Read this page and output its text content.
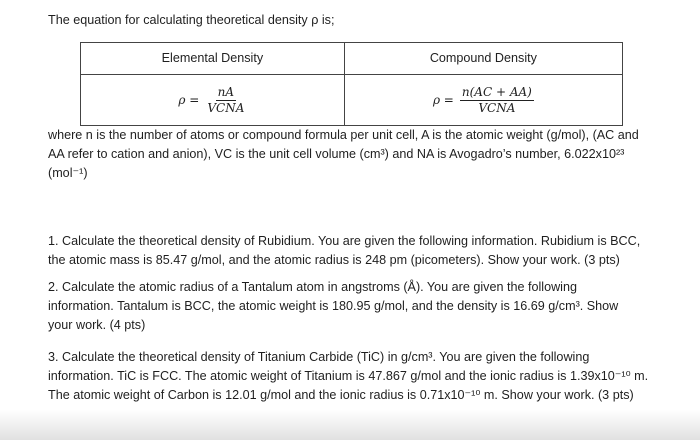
The equation for calculating theoretical density ρ is;

Elemental Density	Compound Density

$\rho = \frac{nA}{\text{VCNA}}$	$\rho = \frac{n(AC + AA)}{\text{VCNA}}$
where n is the number of atoms or compound formula per unit cell, A is the atomic weight (g/mol), (AC and
AA refer to cation and anion), VC is the unit cell volume (cm³) and NA is Avogadro’s number, 6.022x10²³
(mol⁻¹)
1. Calculate the theoretical density of Rubidium. You are given the following information. Rubidium is BCC,
the atomic mass is 85.47 g/mol, and the atomic radius is 248 pm (picometers). Show your work. (3 pts)
2. Calculate the atomic radius of a Tantalum atom in angstroms (Å). You are given the following
information. Tantalum is BCC, the atomic weight is 180.95 g/mol, and the density is 16.69 g/cm³. Show
your work. (4 pts)
3. Calculate the theoretical density of Titanium Carbide (TiC) in g/cm³. You are given the following
information. TiC is FCC. The atomic weight of Titanium is 47.867 g/mol and the ionic radius is 1.39x10⁻¹⁰ m.
The atomic weight of Carbon is 12.01 g/mol and the ionic radius is 0.71x10⁻¹⁰ m. Show your work. (3 pts)
